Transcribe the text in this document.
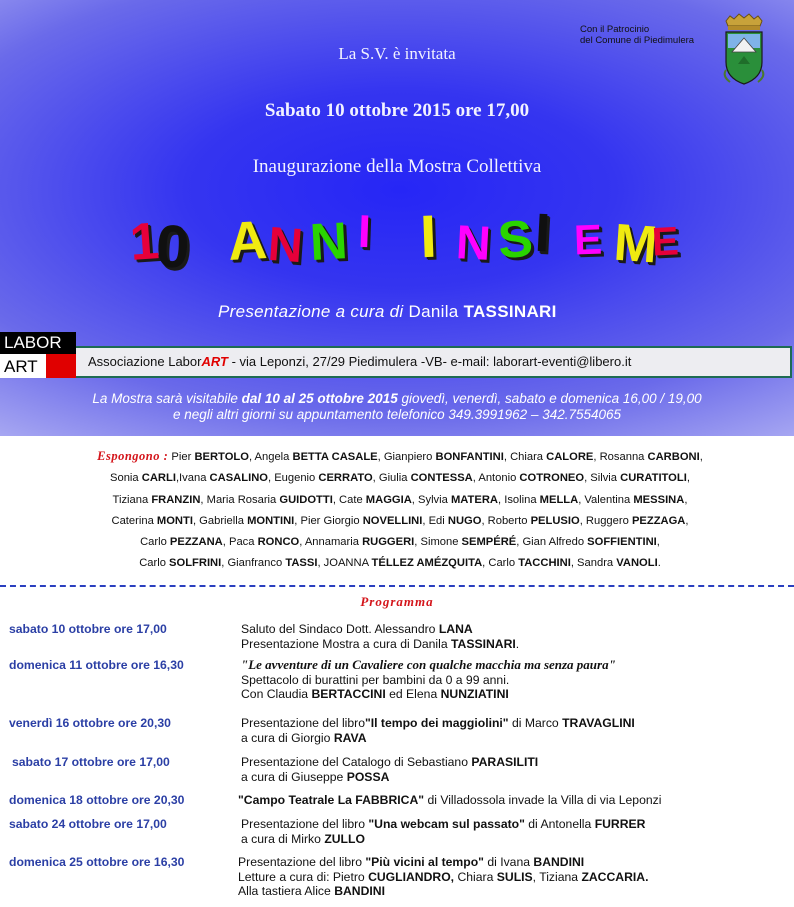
Con il Patrocinio
del Comune di Piedimulera
La S.V. è invitata
Sabato 10 ottobre 2015 ore 17,00
Inaugurazione della Mostra Collettiva
1
0 A
N N I I N S
I E M
E
Presentazione a cura di Danila TASSINARI
LABOR
ART	Associazione LaborART - via Leponzi, 27/29 Piedimulera -VB- e-mail: laborart-eventi@libero.it
La Mostra sarà visitabile dal 10 al 25 ottobre 2015 giovedì, venerdì, sabato e domenica 16,00 / 19,00
e negli altri giorni su appuntamento telefonico 349.3991962 – 342.7554065
Espongono : Pier BERTOLO, Angela BETTA CASALE, Gianpiero BONFANTINI, Chiara CALORE, Rosanna CARBONI,
Sonia CARLI,Ivana CASALINO, Eugenio CERRATO, Giulia CONTESSA, Antonio COTRONEO, Silvia CURATITOLI,
Tiziana FRANZIN, Maria Rosaria GUIDOTTI, Cate MAGGIA, Sylvia MATERA, Isolina MELLA, Valentina MESSINA,
Caterina MONTI, Gabriella MONTINI, Pier Giorgio NOVELLINI, Edi NUGO, Roberto PELUSIO, Ruggero PEZZAGA,
Carlo PEZZANA, Paca RONCO, Annamaria RUGGERI, Simone SEMPÉRÉ, Gian Alfredo SOFFIENTINI,
Carlo SOLFRINI, Gianfranco TASSI, JOANNA TÉLLEZ AMÉZQUITA, Carlo TACCHINI, Sandra VANOLI.
Programma
sabato 10 ottobre ore 17,00	Saluto del Sindaco Dott. Alessandro LANA
Presentazione Mostra a cura di Danila TASSINARI.
domenica 11 ottobre ore 16,30	"Le avventure di un Cavaliere con qualche macchia ma senza paura"
Spettacolo di burattini per bambini da 0 a 99 anni.
Con Claudia BERTACCINI ed Elena NUNZIATINI
venerdì 16 ottobre ore 20,30	Presentazione del libro"Il tempo dei maggiolini" di Marco TRAVAGLINI
a cura di Giorgio RAVA
sabato 17 ottobre ore 17,00	Presentazione del Catalogo di Sebastiano PARASILITI
a cura di Giuseppe POSSA
domenica 18 ottobre ore 20,30	"Campo Teatrale La FABBRICA" di Villadossola invade la Villa di via Leponzi
sabato 24 ottobre ore 17,00	Presentazione del libro "Una webcam sul passato" di Antonella FURRER
a cura di Mirko ZULLO
domenica 25 ottobre ore 16,30	Presentazione del libro "Più vicini al tempo" di Ivana BANDINI
Letture a cura di: Pietro CUGLIANDRO, Chiara SULIS, Tiziana ZACCARIA.
Alla tastiera Alice BANDINI
